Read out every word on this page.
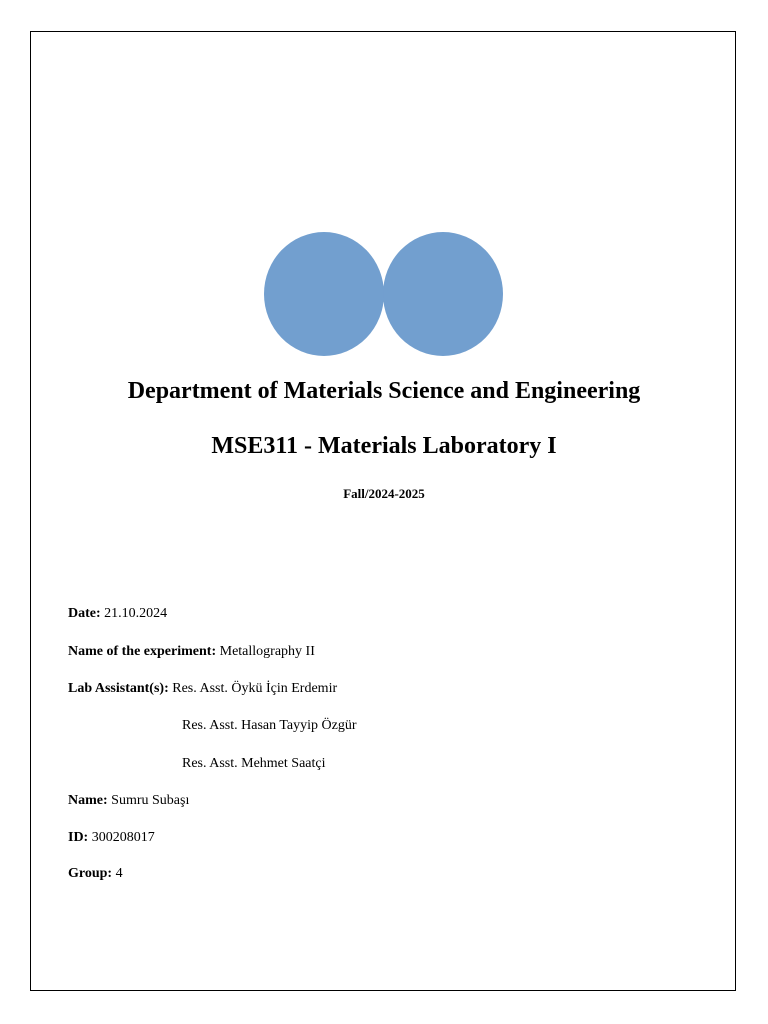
Department of Materials Science and Engineering
MSE311 - Materials Laboratory I
Fall/2024-2025
Date: 21.10.2024
Name of the experiment: Metallography II
Lab Assistant(s): Res. Asst. Öykü İçin Erdemir
Res. Asst. Hasan Tayyip Özgür
Res. Asst. Mehmet Saatçi
Name: Sumru Subaşı
ID: 300208017
Group: 4
